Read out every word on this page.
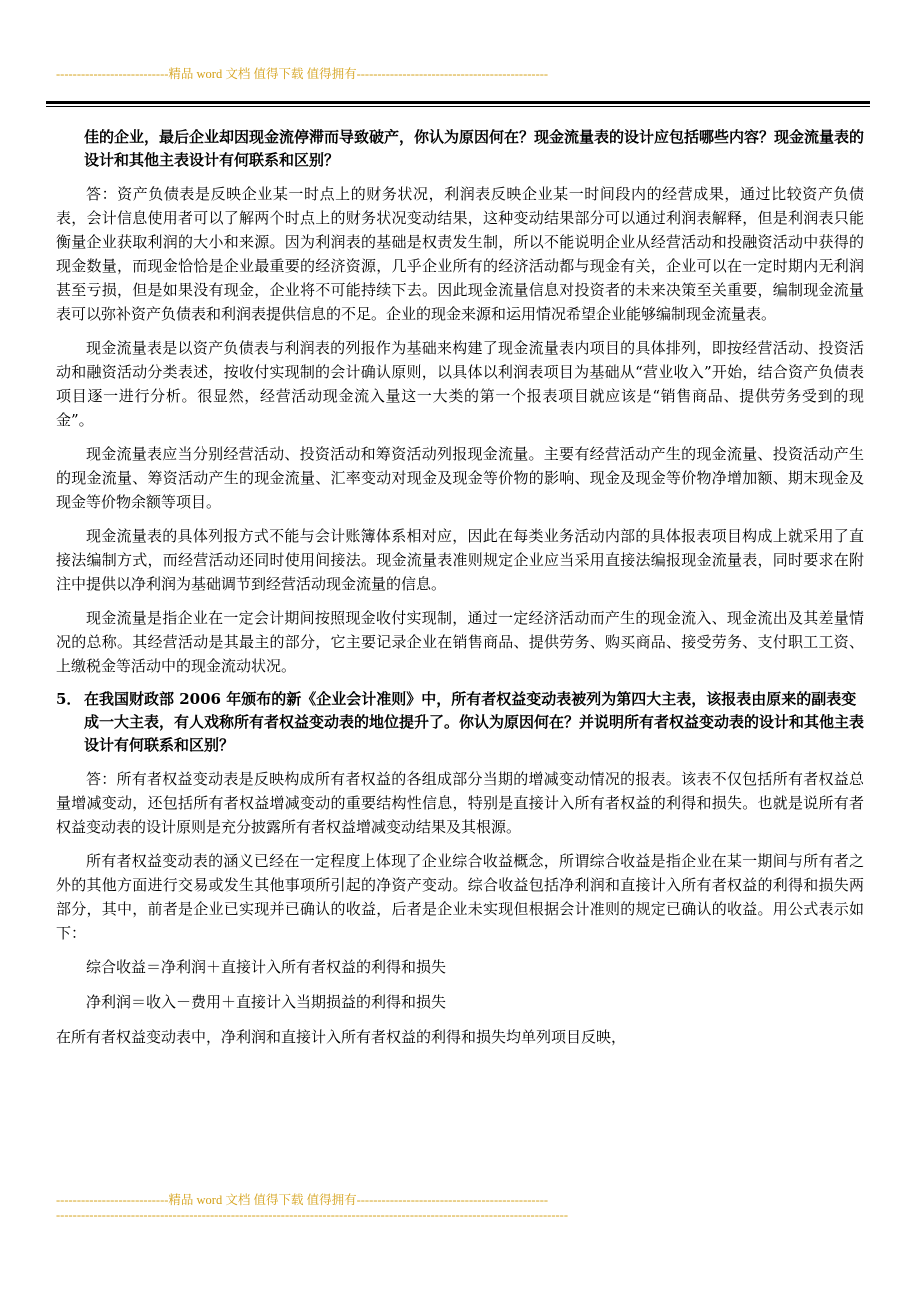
---------------------------精品 word 文档 值得下载 值得拥有----------------------------------------------
佳的企业，最后企业却因现金流停滞而导致破产，你认为原因何在？现金流量表的设计应包括哪些内容？现金流量表的设计和其他主表设计有何联系和区别？
答：资产负债表是反映企业某一时点上的财务状况，利润表反映企业某一时间段内的经营成果，通过比较资产负债表，会计信息使用者可以了解两个时点上的财务状况变动结果，这种变动结果部分可以通过利润表解释，但是利润表只能衡量企业获取利润的大小和来源。因为利润表的基础是权责发生制，所以不能说明企业从经营活动和投融资活动中获得的现金数量，而现金恰恰是企业最重要的经济资源，几乎企业所有的经济活动都与现金有关，企业可以在一定时期内无利润甚至亏损，但是如果没有现金，企业将不可能持续下去。因此现金流量信息对投资者的未来决策至关重要，编制现金流量表可以弥补资产负债表和利润表提供信息的不足。企业的现金来源和运用情况希望企业能够编制现金流量表。
现金流量表是以资产负债表与利润表的列报作为基础来构建了现金流量表内项目的具体排列，即按经营活动、投资活动和融资活动分类表述，按收付实现制的会计确认原则，以具体以利润表项目为基础从“营业收入”开始，结合资产负债表项目逐一进行分析。很显然，经营活动现金流入量这一大类的第一个报表项目就应该是“销售商品、提供劳务受到的现金”。
现金流量表应当分别经营活动、投资活动和筹资活动列报现金流量。主要有经营活动产生的现金流量、投资活动产生的现金流量、筹资活动产生的现金流量、汇率变动对现金及现金等价物的影响、现金及现金等价物净增加额、期末现金及现金等价物余额等项目。
现金流量表的具体列报方式不能与会计账簿体系相对应，因此在每类业务活动内部的具体报表项目构成上就采用了直接法编制方式，而经营活动还同时使用间接法。现金流量表准则规定企业应当采用直接法编报现金流量表，同时要求在附注中提供以净利润为基础调节到经营活动现金流量的信息。
现金流量是指企业在一定会计期间按照现金收付实现制，通过一定经济活动而产生的现金流入、现金流出及其差量情况的总称。其经营活动是其最主的部分，它主要记录企业在销售商品、提供劳务、购买商品、接受劳务、支付职工工资、上缴税金等活动中的现金流动状况。
5． 在我国财政部 2006 年颁布的新《企业会计准则》中，所有者权益变动表被列为第四大主表，该报表由原来的副表变成一大主表，有人戏称所有者权益变动表的地位提升了。你认为原因何在？并说明所有者权益变动表的设计和其他主表设计有何联系和区别？
答：所有者权益变动表是反映构成所有者权益的各组成部分当期的增减变动情况的报表。该表不仅包括所有者权益总量增减变动，还包括所有者权益增减变动的重要结构性信息，特别是直接计入所有者权益的利得和损失。也就是说所有者权益变动表的设计原则是充分披露所有者权益增减变动结果及其根源。
所有者权益变动表的涵义已经在一定程度上体现了企业综合收益概念，所谓综合收益是指企业在某一期间与所有者之外的其他方面进行交易或发生其他事项所引起的净资产变动。综合收益包括净利润和直接计入所有者权益的利得和损失两部分，其中，前者是企业已实现并已确认的收益，后者是企业未实现但根据会计准则的规定已确认的收益。用公式表示如下：
综合收益＝净利润＋直接计入所有者权益的利得和损失
净利润＝收入－费用＋直接计入当期损益的利得和损失
在所有者权益变动表中，净利润和直接计入所有者权益的利得和损失均单列项目反映，
---------------------------精品 word 文档 值得下载 值得拥有----------------------------------------------
---------------------------------------------------------------------------------------------------------------------------
